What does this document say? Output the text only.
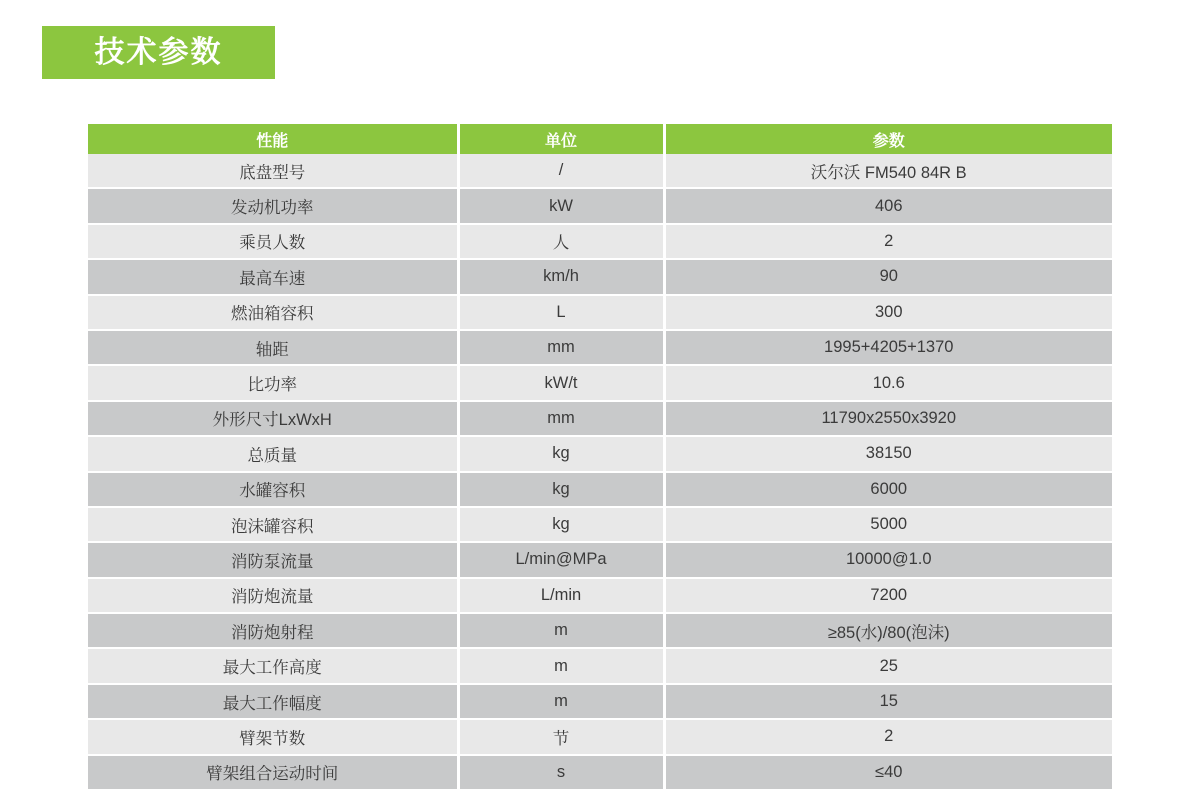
技术参数
性能	单位	参数
底盘型号	/	沃尔沃 FM540 84R B
发动机功率	kW	406
乘员人数	人	2
最高车速	km/h	90
燃油箱容积	L	300
轴距	mm	1995+4205+1370
比功率	kW/t	10.6
外形尺寸LxWxH	mm	11790x2550x3920
总质量	kg	38150
水罐容积	kg	6000
泡沫罐容积	kg	5000
消防泵流量	L/min@MPa	10000@1.0
消防炮流量	L/min	7200
消防炮射程	m	≥85(水)/80(泡沫)
最大工作高度	m	25
最大工作幅度	m	15
臂架节数	节	2
臂架组合运动时间	s	≤40
